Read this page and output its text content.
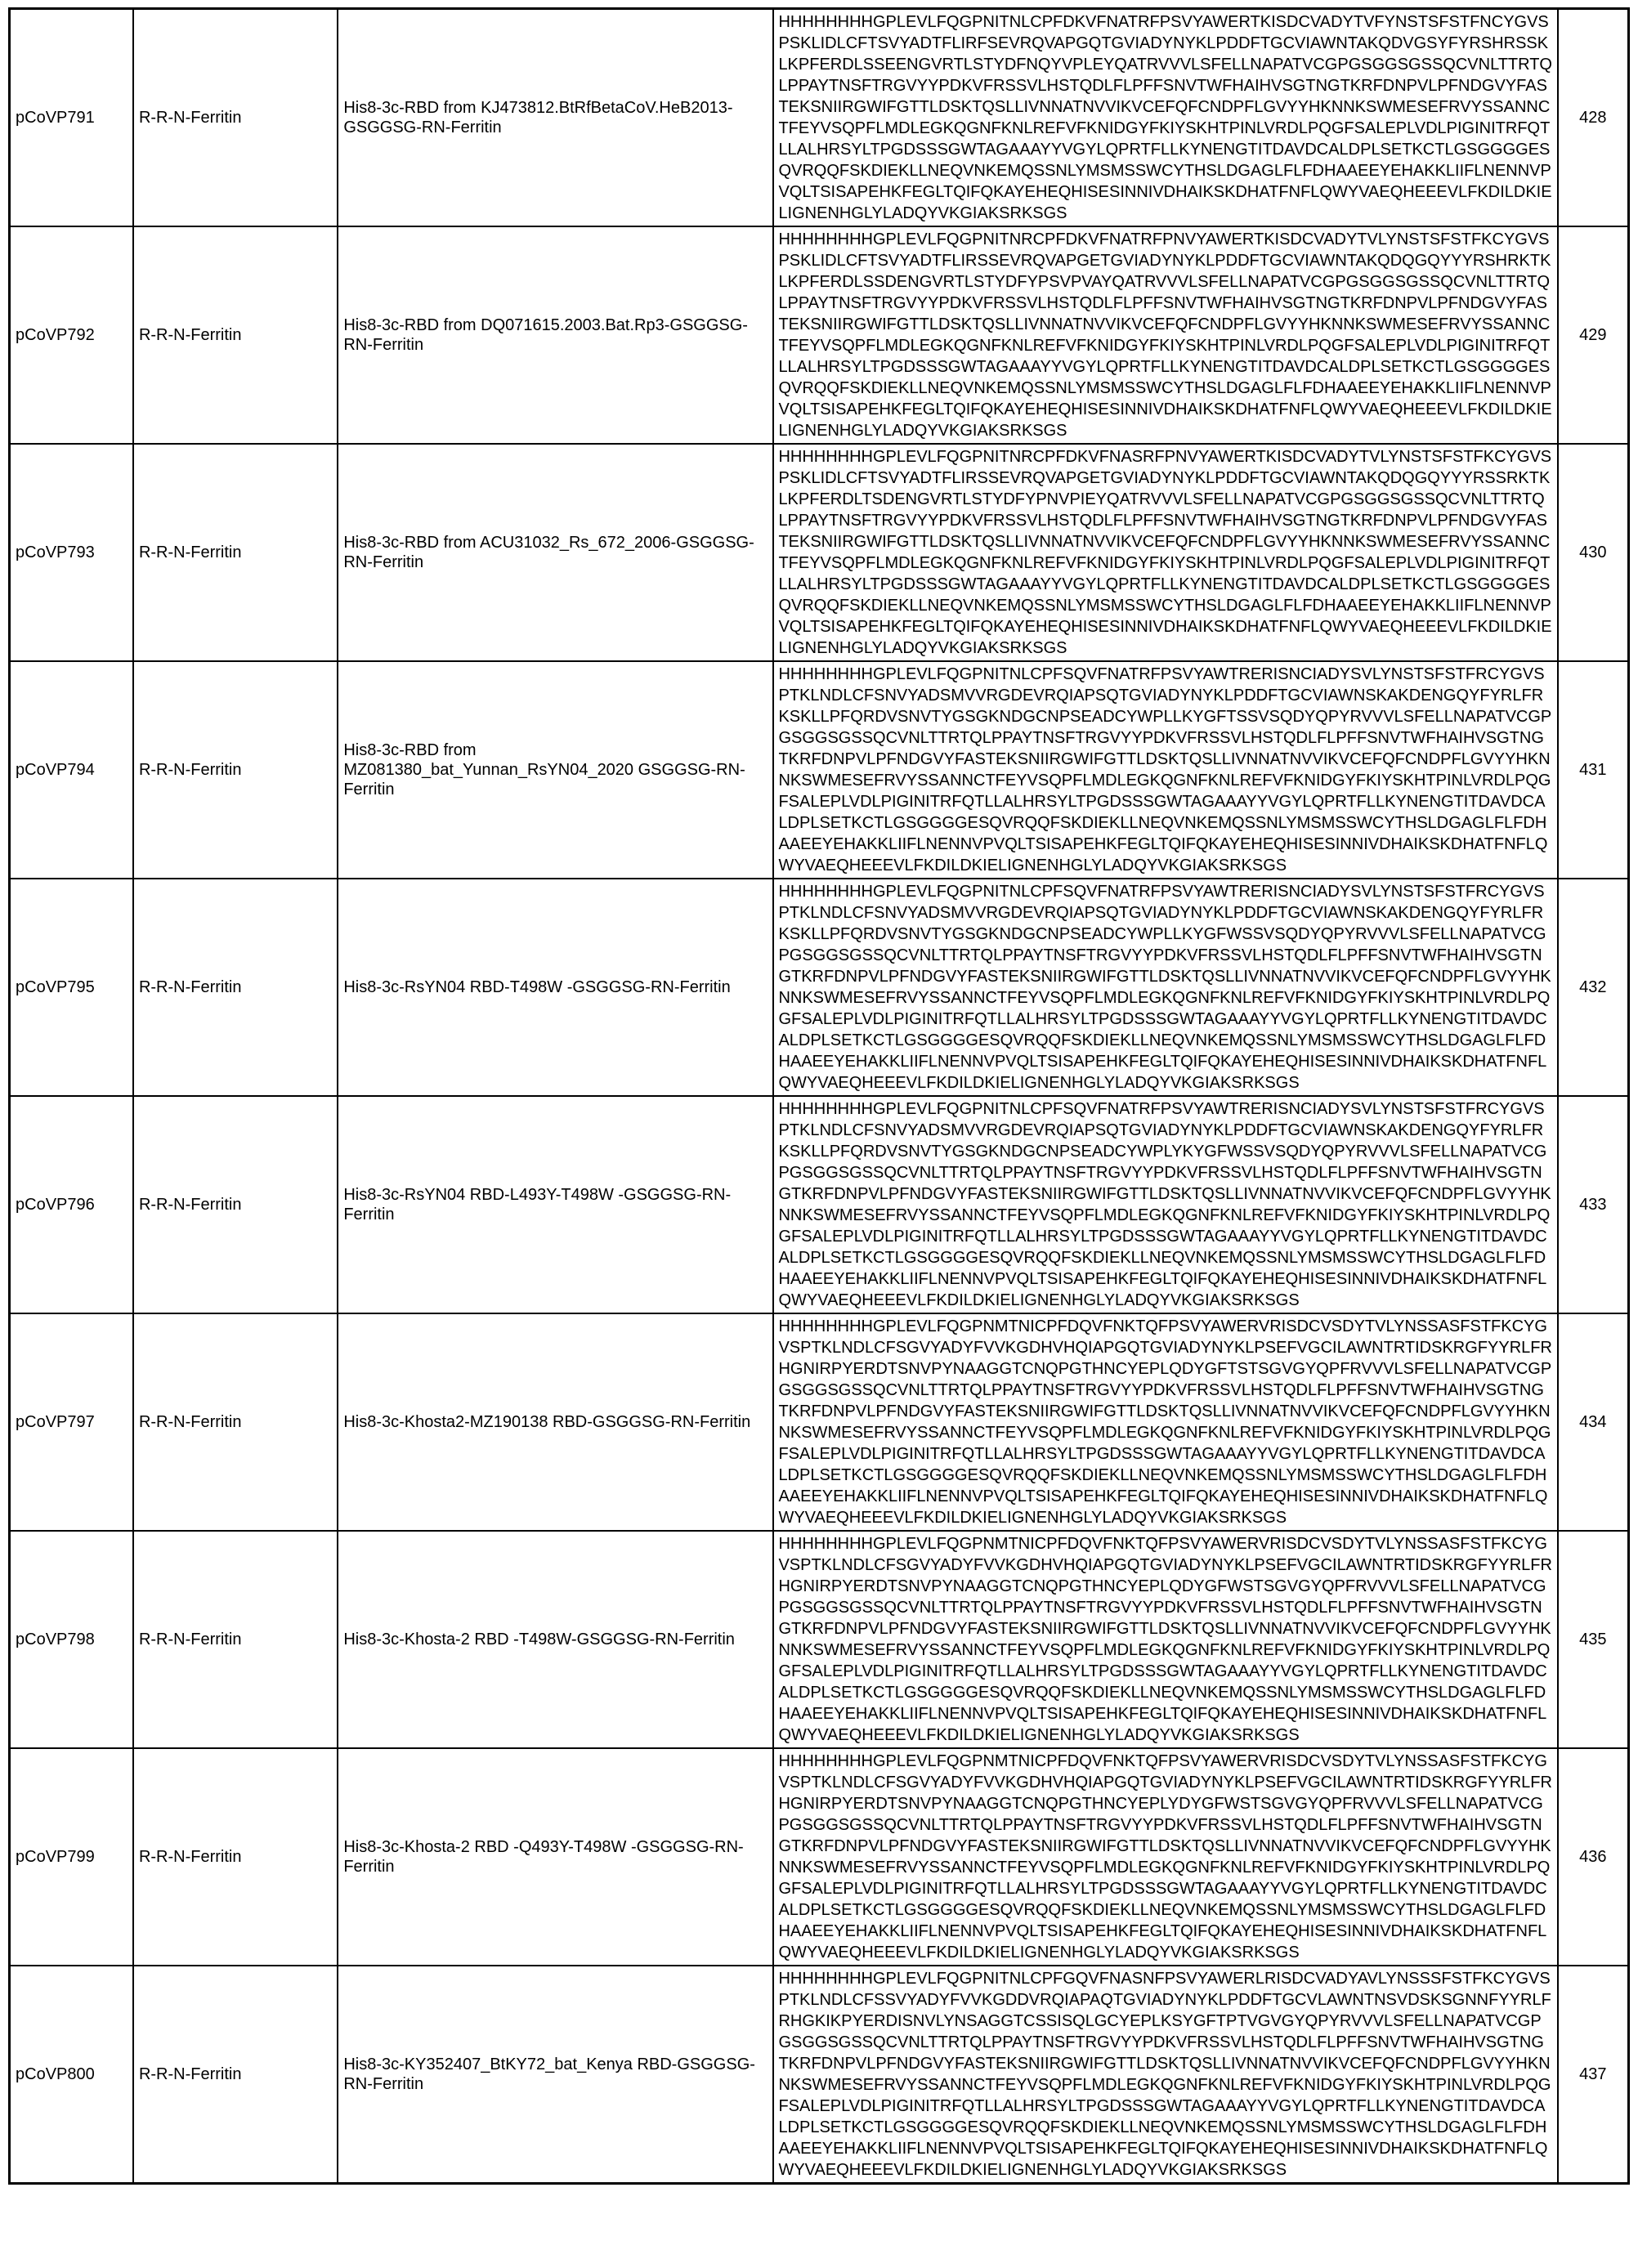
pCoVP791	R-R-N-Ferritin	His8-3c-RBD from KJ473812.BtRfBetaCoV.HeB2013-GSGGSG-RN-Ferritin	HHHHHHHHGPLEVLFQGPNITNLCPFDKVFNATRFPSVYAWERTKISDCVADYTVFYNSTSFSTFNCYGVSPSKLIDLCFTSVYADTFLIRFSEVRQVAPGQTGVIADYNYKLPDDFTGCVIAWNTAKQDVGSYFYRSHRSSKLKPFERDLSSEENGVRTLSTYDFNQYVPLEYQATRVVVLSFELLNAPATVCGPGSGGSGSSQCVNLTTRTQLPPAYTNSFTRGVYYPDKVFRSSVLHSTQDLFLPFFSNVTWFHAIHVSGTNGTKRFDNPVLPFNDGVYFASTEKSNIIRGWIFGTTLDSKTQSLLIVNNATNVVIKVCEFQFCNDPFLGVYYHKNNKSWMESEFRVYSSANNCTFEYVSQPFLMDLEGKQGNFKNLREFVFKNIDGYFKIYSKHTPINLVRDLPQGFSALEPLVDLPIGINITRFQTLLALHRSYLTPGDSSSGWTAGAAAYYVGYLQPRTFLLKYNENGTITDAVDCALDPLSETKCTLGSGGGGESQVRQQFSKDIEKLLNEQVNKEMQSSNLYMSMSSWCYTHSLDGAGLFLFDHAAEEYEHAKKLIIFLNENNVPVQLTSISAPEHKFEGLTQIFQKAYEHEQHISESINNIVDHAIKSKDHATFNFLQWYVAEQHEEEVLFKDILDKIELIGNENHGLYLADQYVKGIAKSRKSGS	428
pCoVP792	R-R-N-Ferritin	His8-3c-RBD from DQ071615.2003.Bat.Rp3-GSGGSG-RN-Ferritin	HHHHHHHHGPLEVLFQGPNITNRCPFDKVFNATRFPNVYAWERTKISDCVADYTVLYNSTSFSTFKCYGVSPSKLIDLCFTSVYADTFLIRSSEVRQVAPGETGVIADYNYKLPDDFTGCVIAWNTAKQDQGQYYYRSHRKTKLKPFERDLSSDENGVRTLSTYDFYPSVPVAYQATRVVVLSFELLNAPATVCGPGSGGSGSSQCVNLTTRTQLPPAYTNSFTRGVYYPDKVFRSSVLHSTQDLFLPFFSNVTWFHAIHVSGTNGTKRFDNPVLPFNDGVYFASTEKSNIIRGWIFGTTLDSKTQSLLIVNNATNVVIKVCEFQFCNDPFLGVYYHKNNKSWMESEFRVYSSANNCTFEYVSQPFLMDLEGKQGNFKNLREFVFKNIDGYFKIYSKHTPINLVRDLPQGFSALEPLVDLPIGINITRFQTLLALHRSYLTPGDSSSGWTAGAAAYYVGYLQPRTFLLKYNENGTITDAVDCALDPLSETKCTLGSGGGGESQVRQQFSKDIEKLLNEQVNKEMQSSNLYMSMSSWCYTHSLDGAGLFLFDHAAEEYEHAKKLIIFLNENNVPVQLTSISAPEHKFEGLTQIFQKAYEHEQHISESINNIVDHAIKSKDHATFNFLQWYVAEQHEEEVLFKDILDKIELIGNENHGLYLADQYVKGIAKSRKSGS	429
pCoVP793	R-R-N-Ferritin	His8-3c-RBD from ACU31032_Rs_672_2006-GSGGSG-RN-Ferritin	HHHHHHHHGPLEVLFQGPNITNRCPFDKVFNASRFPNVYAWERTKISDCVADYTVLYNSTSFSTFKCYGVSPSKLIDLCFTSVYADTFLIRSSEVRQVAPGETGVIADYNYKLPDDFTGCVIAWNTAKQDQGQYYYRSSRKTKLKPFERDLTSDENGVRTLSTYDFYPNVPIEYQATRVVVLSFELLNAPATVCGPGSGGSGSSQCVNLTTRTQLPPAYTNSFTRGVYYPDKVFRSSVLHSTQDLFLPFFSNVTWFHAIHVSGTNGTKRFDNPVLPFNDGVYFASTEKSNIIRGWIFGTTLDSKTQSLLIVNNATNVVIKVCEFQFCNDPFLGVYYHKNNKSWMESEFRVYSSANNCTFEYVSQPFLMDLEGKQGNFKNLREFVFKNIDGYFKIYSKHTPINLVRDLPQGFSALEPLVDLPIGINITRFQTLLALHRSYLTPGDSSSGWTAGAAAYYVGYLQPRTFLLKYNENGTITDAVDCALDPLSETKCTLGSGGGGESQVRQQFSKDIEKLLNEQVNKEMQSSNLYMSMSSWCYTHSLDGAGLFLFDHAAEEYEHAKKLIIFLNENNVPVQLTSISAPEHKFEGLTQIFQKAYEHEQHISESINNIVDHAIKSKDHATFNFLQWYVAEQHEEEVLFKDILDKIELIGNENHGLYLADQYVKGIAKSRKSGS	430
pCoVP794	R-R-N-Ferritin	His8-3c-RBD from MZ081380_bat_Yunnan_RsYN04_2020 GSGGSG-RN-Ferritin	HHHHHHHHGPLEVLFQGPNITNLCPFSQVFNATRFPSVYAWTRERISNCIADYSVLYNSTSFSTFRCYGVSPTKLNDLCFSNVYADSMVVRGDEVRQIAPSQTGVIADYNYKLPDDFTGCVIAWNSKAKDENGQYFYRLFRKSKLLPFQRDVSNVTYGSGKNDGCNPSEADCYWPLLKYGFTSSVSQDYQPYRVVVLSFELLNAPATVCGPGSGGSGSSQCVNLTTRTQLPPAYTNSFTRGVYYPDKVFRSSVLHSTQDLFLPFFSNVTWFHAIHVSGTNGTKRFDNPVLPFNDGVYFASTEKSNIIRGWIFGTTLDSKTQSLLIVNNATNVVIKVCEFQFCNDPFLGVYYHKNNKSWMESEFRVYSSANNCTFEYVSQPFLMDLEGKQGNFKNLREFVFKNIDGYFKIYSKHTPINLVRDLPQGFSALEPLVDLPIGINITRFQTLLALHRSYLTPGDSSSGWTAGAAAYYVGYLQPRTFLLKYNENGTITDAVDCALDPLSETKCTLGSGGGGESQVRQQFSKDIEKLLNEQVNKEMQSSNLYMSMSSWCYTHSLDGAGLFLFDHAAEEYEHAKKLIIFLNENNVPVQLTSISAPEHKFEGLTQIFQKAYEHEQHISESINNIVDHAIKSKDHATFNFLQWYVAEQHEEEVLFKDILDKIELIGNENHGLYLADQYVKGIAKSRKSGS	431
pCoVP795	R-R-N-Ferritin	His8-3c-RsYN04 RBD-T498W -GSGGSG-RN-Ferritin	HHHHHHHHGPLEVLFQGPNITNLCPFSQVFNATRFPSVYAWTRERISNCIADYSVLYNSTSFSTFRCYGVSPTKLNDLCFSNVYADSMVVRGDEVRQIAPSQTGVIADYNYKLPDDFTGCVIAWNSKAKDENGQYFYRLFRKSKLLPFQRDVSNVTYGSGKNDGCNPSEADCYWPLLKYGFWSSVSQDYQPYRVVVLSFELLNAPATVCGPGSGGSGSSQCVNLTTRTQLPPAYTNSFTRGVYYPDKVFRSSVLHSTQDLFLPFFSNVTWFHAIHVSGTNGTKRFDNPVLPFNDGVYFASTEKSNIIRGWIFGTTLDSKTQSLLIVNNATNVVIKVCEFQFCNDPFLGVYYHKNNKSWMESEFRVYSSANNCTFEYVSQPFLMDLEGKQGNFKNLREFVFKNIDGYFKIYSKHTPINLVRDLPQGFSALEPLVDLPIGINITRFQTLLALHRSYLTPGDSSSGWTAGAAAYYVGYLQPRTFLLKYNENGTITDAVDCALDPLSETKCTLGSGGGGESQVRQQFSKDIEKLLNEQVNKEMQSSNLYMSMSSWCYTHSLDGAGLFLFDHAAEEYEHAKKLIIFLNENNVPVQLTSISAPEHKFEGLTQIFQKAYEHEQHISESINNIVDHAIKSKDHATFNFLQWYVAEQHEEEVLFKDILDKIELIGNENHGLYLADQYVKGIAKSRKSGS	432
pCoVP796	R-R-N-Ferritin	His8-3c-RsYN04 RBD-L493Y-T498W -GSGGSG-RN-Ferritin	HHHHHHHHGPLEVLFQGPNITNLCPFSQVFNATRFPSVYAWTRERISNCIADYSVLYNSTSFSTFRCYGVSPTKLNDLCFSNVYADSMVVRGDEVRQIAPSQTGVIADYNYKLPDDFTGCVIAWNSKAKDENGQYFYRLFRKSKLLPFQRDVSNVTYGSGKNDGCNPSEADCYWPLYKYGFWSSVSQDYQPYRVVVLSFELLNAPATVCGPGSGGSGSSQCVNLTTRTQLPPAYTNSFTRGVYYPDKVFRSSVLHSTQDLFLPFFSNVTWFHAIHVSGTNGTKRFDNPVLPFNDGVYFASTEKSNIIRGWIFGTTLDSKTQSLLIVNNATNVVIKVCEFQFCNDPFLGVYYHKNNKSWMESEFRVYSSANNCTFEYVSQPFLMDLEGKQGNFKNLREFVFKNIDGYFKIYSKHTPINLVRDLPQGFSALEPLVDLPIGINITRFQTLLALHRSYLTPGDSSSGWTAGAAAYYVGYLQPRTFLLKYNENGTITDAVDCALDPLSETKCTLGSGGGGESQVRQQFSKDIEKLLNEQVNKEMQSSNLYMSMSSWCYTHSLDGAGLFLFDHAAEEYEHAKKLIIFLNENNVPVQLTSISAPEHKFEGLTQIFQKAYEHEQHISESINNIVDHAIKSKDHATFNFLQWYVAEQHEEEVLFKDILDKIELIGNENHGLYLADQYVKGIAKSRKSGS	433
pCoVP797	R-R-N-Ferritin	His8-3c-Khosta2-MZ190138 RBD-GSGGSG-RN-Ferritin	HHHHHHHHGPLEVLFQGPNMTNICPFDQVFNKTQFPSVYAWERVRISDCVSDYTVLYNSSASFSTFKCYGVSPTKLNDLCFSGVYADYFVVKGDHVHQIAPGQTGVIADYNYKLPSEFVGCILAWNTRTIDSKRGFYYRLFRHGNIRPYERDTSNVPYNAAGGTCNQPGTHNCYEPLQDYGFTSTSGVGYQPFRVVVLSFELLNAPATVCGPGSGGSGSSQCVNLTTRTQLPPAYTNSFTRGVYYPDKVFRSSVLHSTQDLFLPFFSNVTWFHAIHVSGTNGTKRFDNPVLPFNDGVYFASTEKSNIIRGWIFGTTLDSKTQSLLIVNNATNVVIKVCEFQFCNDPFLGVYYHKNNKSWMESEFRVYSSANNCTFEYVSQPFLMDLEGKQGNFKNLREFVFKNIDGYFKIYSKHTPINLVRDLPQGFSALEPLVDLPIGINITRFQTLLALHRSYLTPGDSSSGWTAGAAAYYVGYLQPRTFLLKYNENGTITDAVDCALDPLSETKCTLGSGGGGESQVRQQFSKDIEKLLNEQVNKEMQSSNLYMSMSSWCYTHSLDGAGLFLFDHAAEEYEHAKKLIIFLNENNVPVQLTSISAPEHKFEGLTQIFQKAYEHEQHISESINNIVDHAIKSKDHATFNFLQWYVAEQHEEEVLFKDILDKIELIGNENHGLYLADQYVKGIAKSRKSGS	434
pCoVP798	R-R-N-Ferritin	His8-3c-Khosta-2 RBD -T498W-GSGGSG-RN-Ferritin	HHHHHHHHGPLEVLFQGPNMTNICPFDQVFNKTQFPSVYAWERVRISDCVSDYTVLYNSSASFSTFKCYGVSPTKLNDLCFSGVYADYFVVKGDHVHQIAPGQTGVIADYNYKLPSEFVGCILAWNTRTIDSKRGFYYRLFRHGNIRPYERDTSNVPYNAAGGTCNQPGTHNCYEPLQDYGFWSTSGVGYQPFRVVVLSFELLNAPATVCGPGSGGSGSSQCVNLTTRTQLPPAYTNSFTRGVYYPDKVFRSSVLHSTQDLFLPFFSNVTWFHAIHVSGTNGTKRFDNPVLPFNDGVYFASTEKSNIIRGWIFGTTLDSKTQSLLIVNNATNVVIKVCEFQFCNDPFLGVYYHKNNKSWMESEFRVYSSANNCTFEYVSQPFLMDLEGKQGNFKNLREFVFKNIDGYFKIYSKHTPINLVRDLPQGFSALEPLVDLPIGINITRFQTLLALHRSYLTPGDSSSGWTAGAAAYYVGYLQPRTFLLKYNENGTITDAVDCALDPLSETKCTLGSGGGGESQVRQQFSKDIEKLLNEQVNKEMQSSNLYMSMSSWCYTHSLDGAGLFLFDHAAEEYEHAKKLIIFLNENNVPVQLTSISAPEHKFEGLTQIFQKAYEHEQHISESINNIVDHAIKSKDHATFNFLQWYVAEQHEEEVLFKDILDKIELIGNENHGLYLADQYVKGIAKSRKSGS	435
pCoVP799	R-R-N-Ferritin	His8-3c-Khosta-2 RBD -Q493Y-T498W -GSGGSG-RN-Ferritin	HHHHHHHHGPLEVLFQGPNMTNICPFDQVFNKTQFPSVYAWERVRISDCVSDYTVLYNSSASFSTFKCYGVSPTKLNDLCFSGVYADYFVVKGDHVHQIAPGQTGVIADYNYKLPSEFVGCILAWNTRTIDSKRGFYYRLFRHGNIRPYERDTSNVPYNAAGGTCNQPGTHNCYEPLYDYGFWSTSGVGYQPFRVVVLSFELLNAPATVCGPGSGGSGSSQCVNLTTRTQLPPAYTNSFTRGVYYPDKVFRSSVLHSTQDLFLPFFSNVTWFHAIHVSGTNGTKRFDNPVLPFNDGVYFASTEKSNIIRGWIFGTTLDSKTQSLLIVNNATNVVIKVCEFQFCNDPFLGVYYHKNNKSWMESEFRVYSSANNCTFEYVSQPFLMDLEGKQGNFKNLREFVFKNIDGYFKIYSKHTPINLVRDLPQGFSALEPLVDLPIGINITRFQTLLALHRSYLTPGDSSSGWTAGAAAYYVGYLQPRTFLLKYNENGTITDAVDCALDPLSETKCTLGSGGGGESQVRQQFSKDIEKLLNEQVNKEMQSSNLYMSMSSWCYTHSLDGAGLFLFDHAAEEYEHAKKLIIFLNENNVPVQLTSISAPEHKFEGLTQIFQKAYEHEQHISESINNIVDHAIKSKDHATFNFLQWYVAEQHEEEVLFKDILDKIELIGNENHGLYLADQYVKGIAKSRKSGS	436
pCoVP800	R-R-N-Ferritin	His8-3c-KY352407_BtKY72_bat_Kenya RBD-GSGGSG-RN-Ferritin	HHHHHHHHGPLEVLFQGPNITNLCPFGQVFNASNFPSVYAWERLRISDCVADYAVLYNSSSFSTFKCYGVSPTKLNDLCFSSVYADYFVVKGDDVRQIAPAQTGVIADYNYKLPDDFTGCVLAWNTNSVDSKSGNNFYYRLFRHGKIKPYERDISNVLYNSAGGTCSSISQLGCYEPLKSYGFTPTVGVGYQPYRVVVLSFELLNAPATVCGPGSGGSGSSQCVNLTTRTQLPPAYTNSFTRGVYYPDKVFRSSVLHSTQDLFLPFFSNVTWFHAIHVSGTNGTKRFDNPVLPFNDGVYFASTEKSNIIRGWIFGTTLDSKTQSLLIVNNATNVVIKVCEFQFCNDPFLGVYYHKNNKSWMESEFRVYSSANNCTFEYVSQPFLMDLEGKQGNFKNLREFVFKNIDGYFKIYSKHTPINLVRDLPQGFSALEPLVDLPIGINITRFQTLLALHRSYLTPGDSSSGWTAGAAAYYVGYLQPRTFLLKYNENGTITDAVDCALDPLSETKCTLGSGGGGESQVRQQFSKDIEKLLNEQVNKEMQSSNLYMSMSSWCYTHSLDGAGLFLFDHAAEEYEHAKKLIIFLNENNVPVQLTSISAPEHKFEGLTQIFQKAYEHEQHISESINNIVDHAIKSKDHATFNFLQWYVAEQHEEEVLFKDILDKIELIGNENHGLYLADQYVKGIAKSRKSGS	437
